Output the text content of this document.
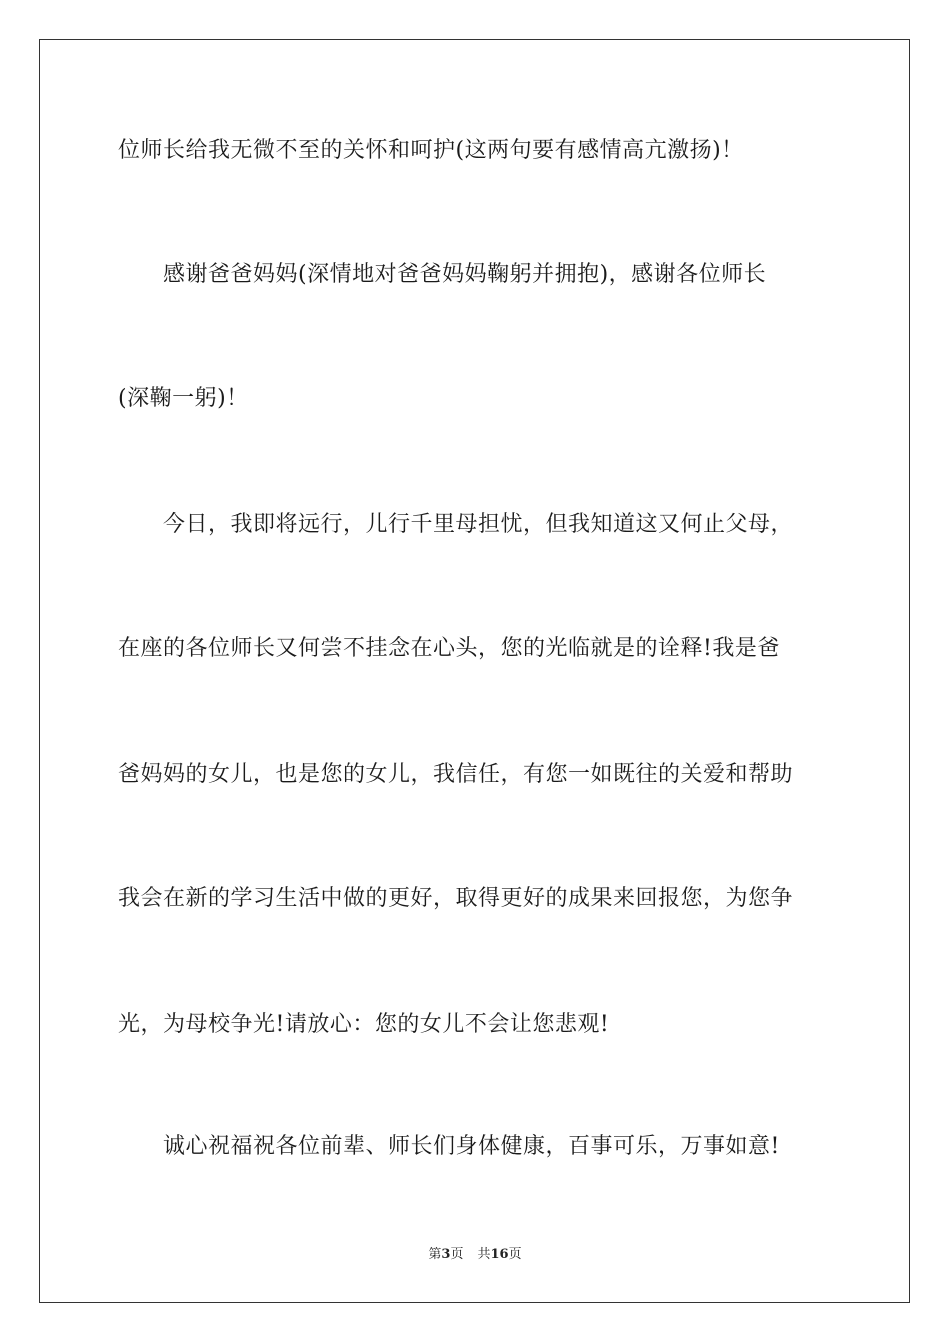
位师长给我无微不至的关怀和呵护(这两句要有感情高亢激扬)！
感谢爸爸妈妈(深情地对爸爸妈妈鞠躬并拥抱)，感谢各位师长
(深鞠一躬)！
今日，我即将远行，儿行千里母担忧，但我知道这又何止父母，
在座的各位师长又何尝不挂念在心头，您的光临就是的诠释!我是爸
爸妈妈的女儿，也是您的女儿，我信任，有您一如既往的关爱和帮助
我会在新的学习生活中做的更好，取得更好的成果来回报您，为您争
光，为母校争光!请放心：您的女儿不会让您悲观!
诚心祝福祝各位前辈、师长们身体健康，百事可乐，万事如意!
第3页 共16页
